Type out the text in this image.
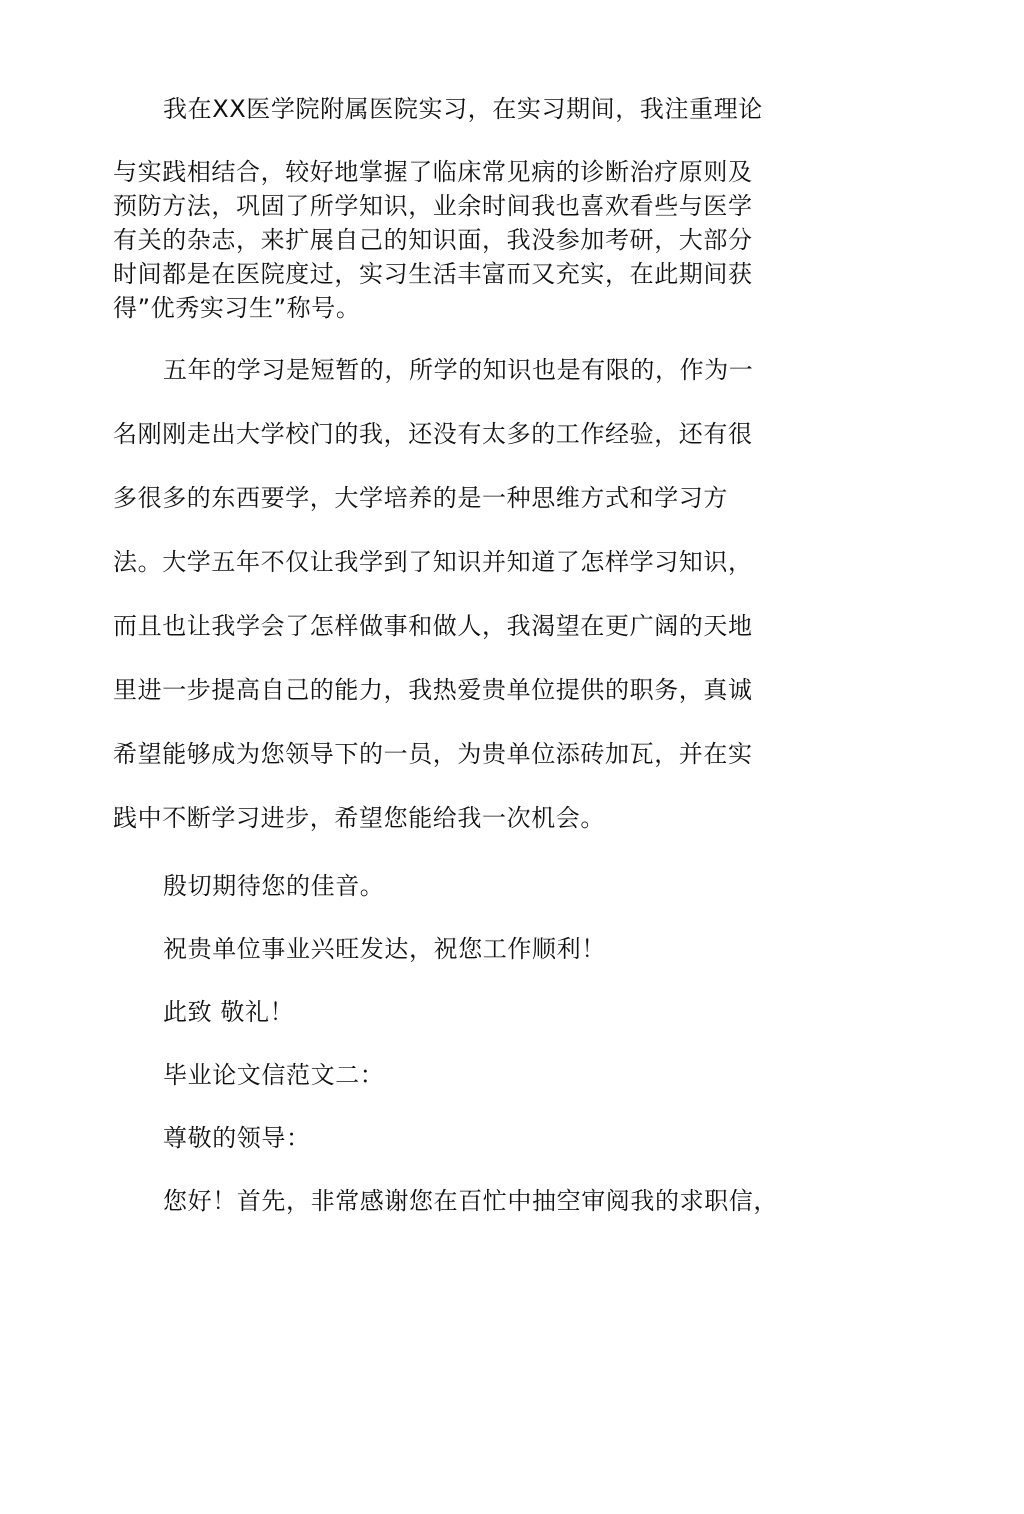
我在XX医学院附属医院实习，在实习期间，我注重理论
与实践相结合，较好地掌握了临床常见病的诊断治疗原则及
预防方法，巩固了所学知识，业余时间我也喜欢看些与医学
有关的杂志，来扩展自己的知识面，我没参加考研，大部分
时间都是在医院度过，实习生活丰富而又充实，在此期间获
得”优秀实习生”称号。
五年的学习是短暂的，所学的知识也是有限的，作为一
名刚刚走出大学校门的我，还没有太多的工作经验，还有很
多很多的东西要学，大学培养的是一种思维方式和学习方
法。大学五年不仅让我学到了知识并知道了怎样学习知识，
而且也让我学会了怎样做事和做人，我渴望在更广阔的天地
里进一步提高自己的能力，我热爱贵单位提供的职务，真诚
希望能够成为您领导下的一员，为贵单位添砖加瓦，并在实
践中不断学习进步，希望您能给我一次机会。
殷切期待您的佳音。
祝贵单位事业兴旺发达，祝您工作顺利！
此致 敬礼！
毕业论文信范文二：
尊敬的领导：
您好！首先，非常感谢您在百忙中抽空审阅我的求职信，
